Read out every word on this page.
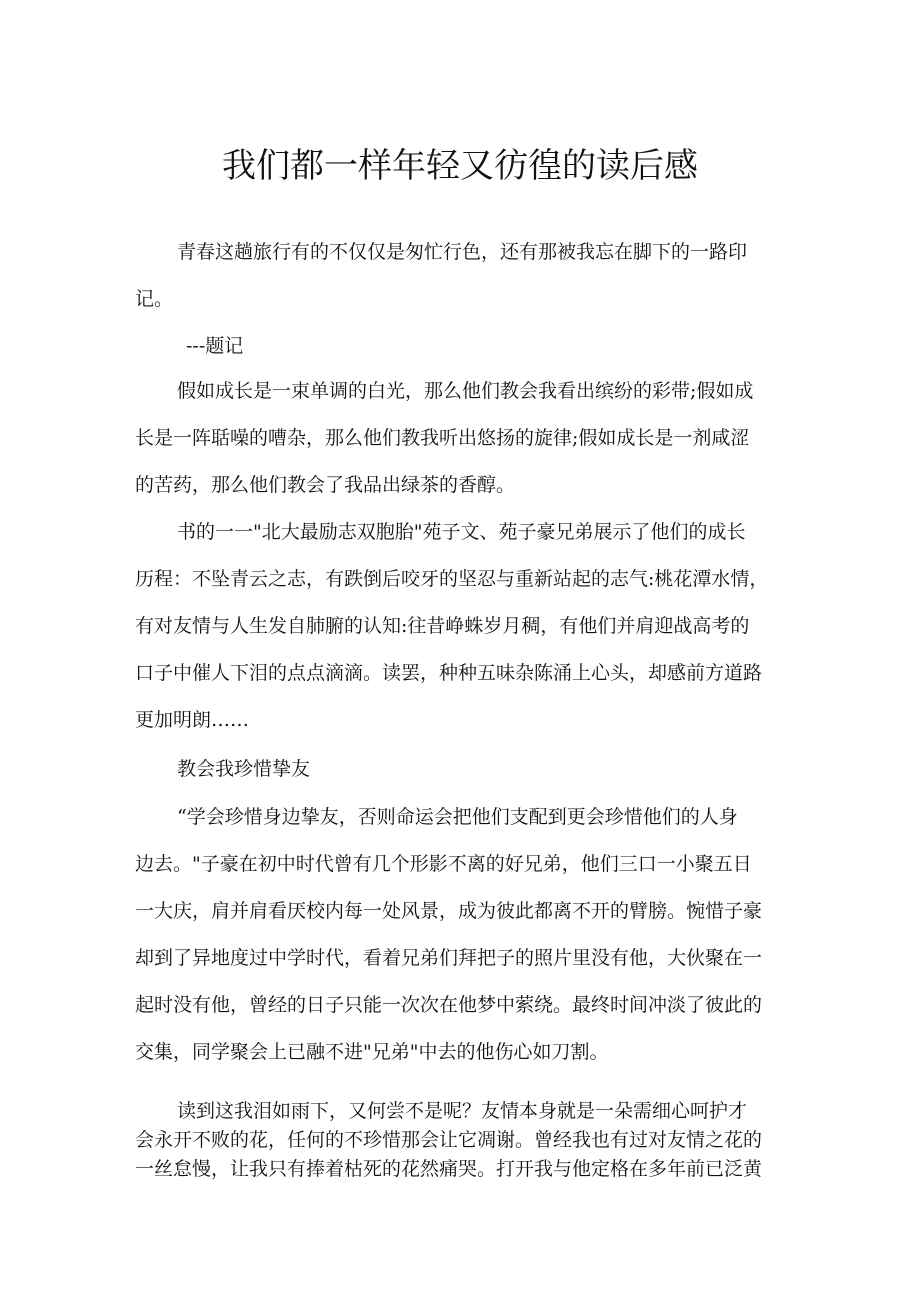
我们都一样年轻又彷徨的读后感
青春这趟旅行有的不仅仅是匆忙行色，还有那被我忘在脚下的一路印
记。
---题记
假如成长是一束单调的白光，那么他们教会我看出缤纷的彩带;假如成
长是一阵聒噪的嘈杂，那么他们教我听出悠扬的旋律;假如成长是一剂咸涩
的苦药，那么他们教会了我品出绿茶的香醇。
书的一一"北大最励志双胞胎"苑子文、苑子豪兄弟展示了他们的成长
历程：不坠青云之志，有跌倒后咬牙的坚忍与重新站起的志气:桃花潭水情，
有对友情与人生发自肺腑的认知:往昔峥蛛岁月稠，有他们并肩迎战高考的
口子中催人下泪的点点滴滴。读罢，种种五味杂陈涌上心头，却感前方道路
更加明朗……
教会我珍惜挚友
“学会珍惜身边挚友，否则命运会把他们支配到更会珍惜他们的人身
边去。"子豪在初中时代曾有几个形影不离的好兄弟，他们三口一小聚五日
一大庆，肩并肩看厌校内每一处风景，成为彼此都离不开的臂膀。惋惜子豪
却到了异地度过中学时代，看着兄弟们拜把子的照片里没有他，大伙聚在一
起时没有他，曾经的日子只能一次次在他梦中萦绕。最终时间冲淡了彼此的
交集，同学聚会上已融不进"兄弟"中去的他伤心如刀割。
读到这我泪如雨下，又何尝不是呢？友情本身就是一朵需细心呵护才
会永开不败的花，任何的不珍惜那会让它凋谢。曾经我也有过对友情之花的
一丝怠慢，让我只有捧着枯死的花然痛哭。打开我与他定格在多年前已泛黄
